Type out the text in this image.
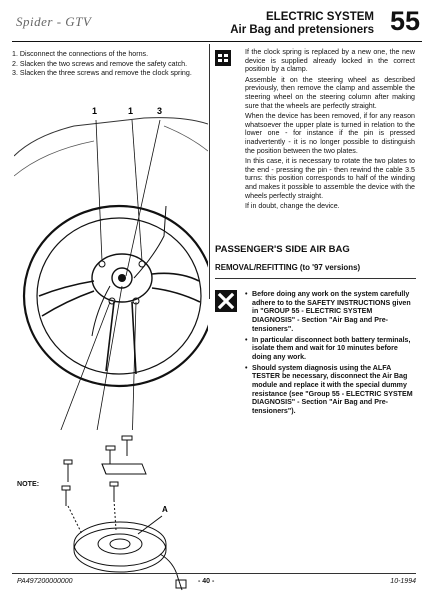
Spider - GTV	ELECTRIC SYSTEM
Air Bag and pretensioners 55

1. Disconnect the connections of the horns.

2. Slacken the two screws and remove the safety catch.

3. Slacken the three screws and remove the clock spring.

1	1	3
NOTE:

If the clock spring is replaced by a new one, the new device is supplied already locked in the correct position by a clamp.

Assemble it on the steering wheel as described previously, then remove the clamp and assemble the steering wheel on the steering column after making sure that the wheels are perfectly straight.

When the device has been removed, if for any reason whatsoever the upper plate is turned in relation to the lower one - for instance if the pin is pressed inadvertently - it is no longer possible to distinguish the position between the two plates.

In this case, it is necessary to rotate the two plates to the end - pressing the pin - then rewind the cable 3.5 turns: this position corresponds to half of the winding and makes it possible to assemble the device with the wheels perfectly straight.

If in doubt, change the device.

PASSENGER'S SIDE AIR BAG
REMOVAL/REFITTING (to '97 versions)
• Before doing any work on the system carefully adhere to to the SAFETY INSTRUCTIONS given in "GROUP 55 - ELECTRIC SYSTEM DIAGNOSIS" - Section "Air Bag and Pre-tensioners".
• In particular disconnect both battery terminals, isolate them and wait for 10 minutes before doing any work.
• Should system diagnosis using the ALFA TESTER be necessary, disconnect the Air Bag module and replace it with the special dummy resistance (see "Group 55 - ELECTRIC SYSTEM DIAGNOSIS" - Section "Air Bag and Pre-tensioners").
A
PA497200000000	- 40 -	10-1994
